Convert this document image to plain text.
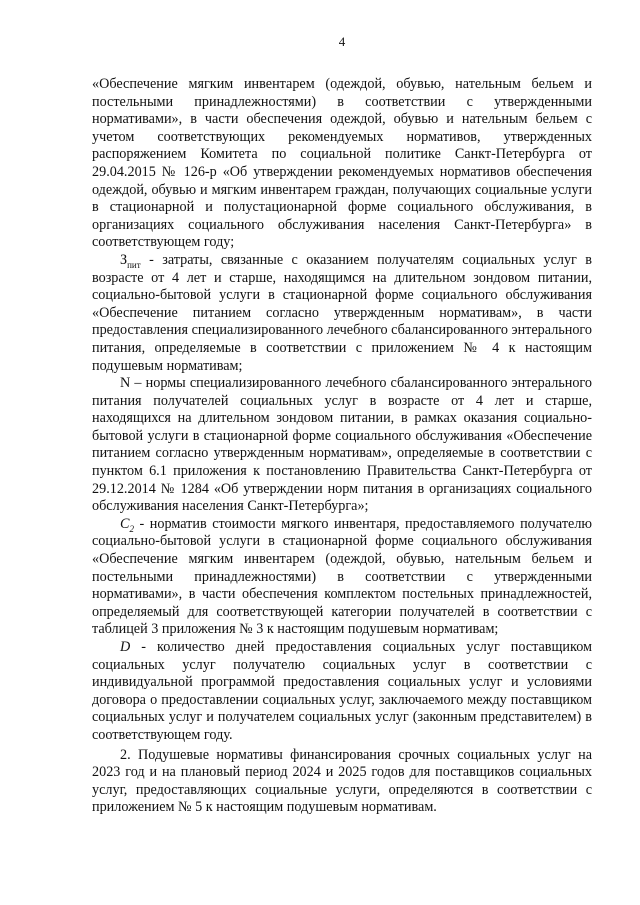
4

«Обеспечение мягким инвентарем (одеждой, обувью, нательным бельем и постельными принадлежностями) в соответствии с утвержденными нормативами», в части обеспечения одеждой, обувью и нательным бельем с учетом соответствующих рекомендуемых нормативов, утвержденных распоряжением Комитета по социальной политике Санкт-Петербурга от 29.04.2015 № 126-р «Об утверждении рекомендуемых нормативов обеспечения одеждой, обувью и мягким инвентарем граждан, получающих социальные услуги в стационарной и полустационарной форме социального обслуживания, в организациях социального обслуживания населения Санкт-Петербурга» в соответствующем году;

$З_{пит}$ - затраты, связанные с оказанием получателям социальных услуг в возрасте от 4 лет и старше, находящимся на длительном зондовом питании, социально-бытовой услуги в стационарной форме социального обслуживания «Обеспечение питанием согласно утвержденным нормативам», в части предоставления специализированного лечебного сбалансированного энтерального питания, определяемые в соответствии с приложением № 4 к настоящим подушевым нормативам;

N – нормы специализированного лечебного сбалансированного энтерального питания получателей социальных услуг в возрасте от 4 лет и старше, находящихся на длительном зондовом питании, в рамках оказания социально-бытовой услуги в стационарной форме социального обслуживания «Обеспечение питанием согласно утвержденным нормативам», определяемые в соответствии с пунктом 6.1 приложения к постановлению Правительства Санкт-Петербурга от 29.12.2014 № 1284 «Об утверждении норм питания в организациях социального обслуживания населения Санкт-Петербурга»;

$C_2$ - норматив стоимости мягкого инвентаря, предоставляемого получателю социально-бытовой услуги в стационарной форме социального обслуживания «Обеспечение мягким инвентарем (одеждой, обувью, нательным бельем и постельными принадлежностями) в соответствии с утвержденными нормативами», в части обеспечения комплектом постельных принадлежностей, определяемый для соответствующей категории получателей в соответствии с таблицей 3 приложения № 3 к настоящим подушевым нормативам;

D - количество дней предоставления социальных услуг поставщиком социальных услуг получателю социальных услуг в соответствии с индивидуальной программой предоставления социальных услуг и условиями договора о предоставлении социальных услуг, заключаемого между поставщиком социальных услуг и получателем социальных услуг (законным представителем) в соответствующем году.

2. Подушевые нормативы финансирования срочных социальных услуг на 2023 год и на плановый период 2024 и 2025 годов для поставщиков социальных услуг, предоставляющих социальные услуги, определяются в соответствии с приложением № 5 к настоящим подушевым нормативам.
